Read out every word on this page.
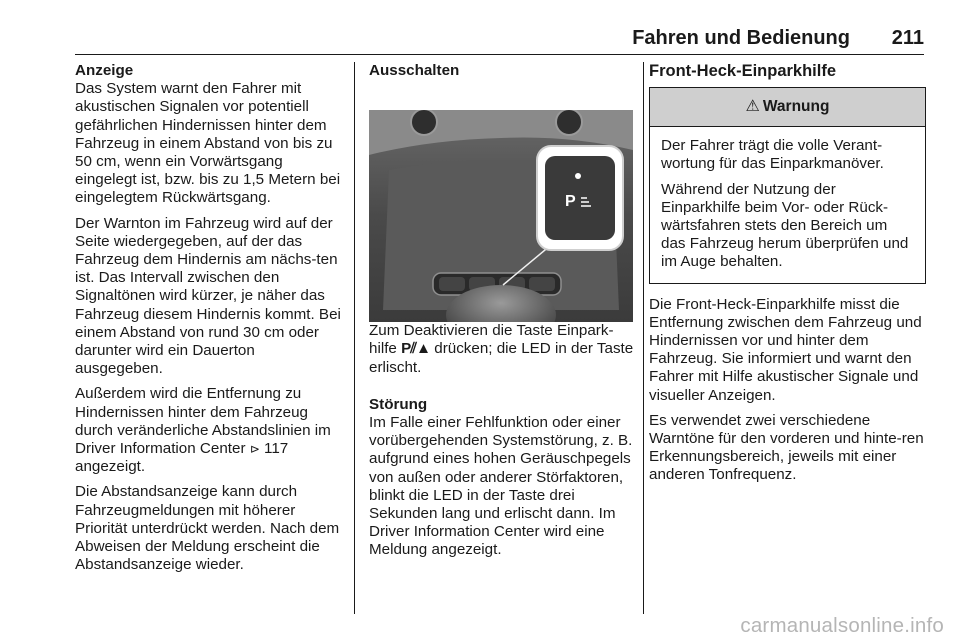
Fahren und Bedienung 211

Anzeige

Das System warnt den Fahrer mit akustischen Signalen vor potentiell gefährlichen Hindernissen hinter dem Fahrzeug in einem Abstand von bis zu 50 cm, wenn ein Vorwärtsgang eingelegt ist, bzw. bis zu 1,5 Metern bei eingelegtem Rückwärtsgang.

Der Warnton im Fahrzeug wird auf der Seite wiedergegeben, auf der das Fahrzeug dem Hindernis am nächs-ten ist. Das Intervall zwischen den Signaltönen wird kürzer, je näher das Fahrzeug diesem Hindernis kommt. Bei einem Abstand von rund 30 cm oder darunter wird ein Dauerton ausgegeben.

Außerdem wird die Entfernung zu Hindernissen hinter dem Fahrzeug durch veränderliche Abstandslinien im Driver Information Center ⊳ 117 angezeigt.

Die Abstandsanzeige kann durch Fahrzeugmeldungen mit höherer Priorität unterdrückt werden. Nach dem Abweisen der Meldung erscheint die Abstandsanzeige wieder.

Ausschalten

P

Zum Deaktivieren die Taste Einpark-hilfe P⫽▲ drücken; die LED in der Taste erlischt.

Störung

Im Falle einer Fehlfunktion oder einer vorübergehenden Systemstörung, z. B. aufgrund eines hohen Geräuschpegels von außen oder anderer Störfaktoren, blinkt die LED in der Taste drei Sekunden lang und erlischt dann. Im Driver Information Center wird eine Meldung angezeigt.

Front-Heck-Einparkhilfe

⚠ Warnung

Der Fahrer trägt die volle Verant-wortung für das Einparkmanöver.

Während der Nutzung der Einparkhilfe beim Vor- oder Rück-wärtsfahren stets den Bereich um das Fahrzeug herum überprüfen und im Auge behalten.

Die Front-Heck-Einparkhilfe misst die Entfernung zwischen dem Fahrzeug und Hindernissen vor und hinter dem Fahrzeug. Sie informiert und warnt den Fahrer mit Hilfe akustischer Signale und visueller Anzeigen.

Es verwendet zwei verschiedene Warntöne für den vorderen und hinte-ren Erkennungsbereich, jeweils mit einer anderen Tonfrequenz.

carmanualsonline.info
